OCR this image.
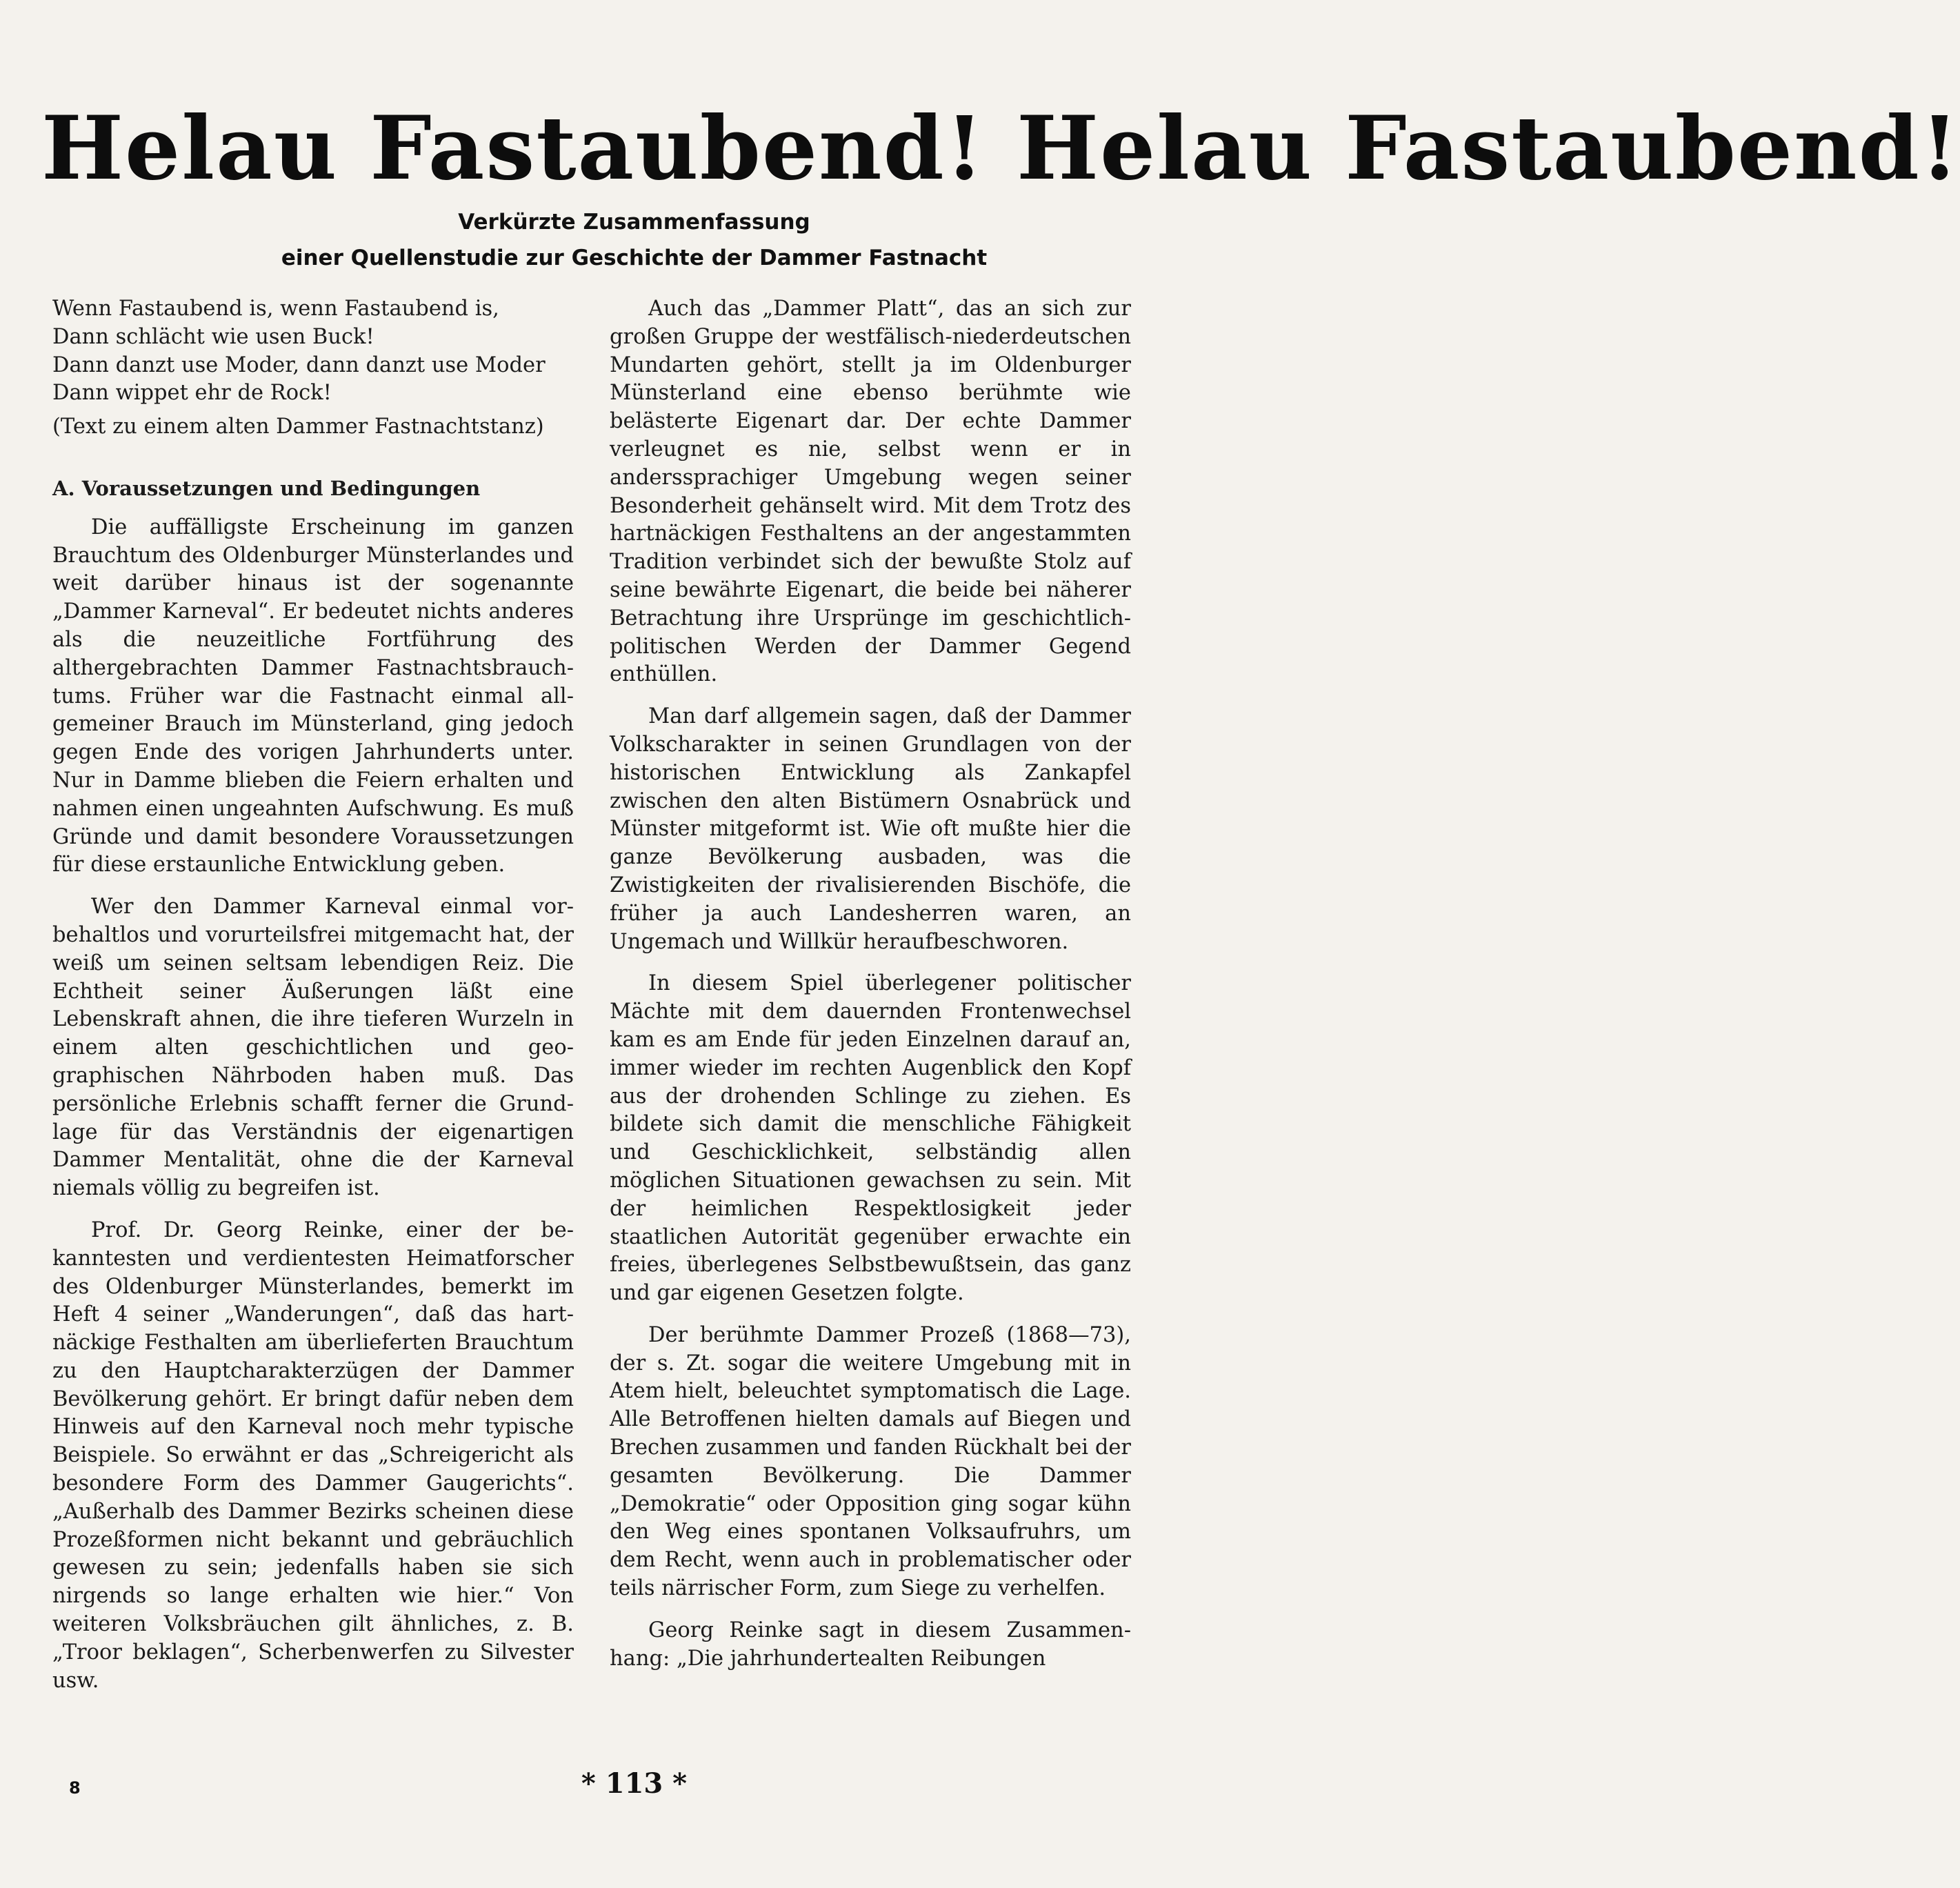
Helau Fastaubend! Helau Fastaubend!
Verkürzte Zusammenfassung
einer Quellenstudie zur Geschichte der Dammer Fastnacht
Wenn Fastaubend is, wenn Fastaubend is,
Dann schlächt wie usen Buck!
Dann danzt use Moder, dann danzt use Moder
Dann wippet ehr de Rock!
(Text zu einem alten Dammer Fastnachtstanz)
A. Voraussetzungen und Bedingungen

Die auffälligste Erscheinung im ganzen Brauchtum des Oldenburger Münsterlandes und weit darüber hinaus ist der sogenannte „Dammer Karneval“. Er bedeutet nichts anderes als die neuzeitliche Fortführung des althergebrachten Dammer Fastnachtsbrauchtums. Früher war die Fastnacht einmal allgemeiner Brauch im Münsterland, ging jedoch gegen Ende des vorigen Jahrhunderts unter. Nur in Damme blieben die Feiern erhalten und nahmen einen ungeahnten Aufschwung. Es muß Gründe und damit besondere Voraussetzungen für diese erstaunliche Entwicklung geben.

Wer den Dammer Karneval einmal vorbehaltlos und vorurteilsfrei mitgemacht hat, der weiß um seinen seltsam lebendigen Reiz. Die Echtheit seiner Äußerungen läßt eine Lebenskraft ahnen, die ihre tieferen Wurzeln in einem alten geschichtlichen und geographischen Nährboden haben muß. Das persönliche Erlebnis schafft ferner die Grundlage für das Verständnis der eigenartigen Dammer Mentalität, ohne die der Karneval niemals völlig zu begreifen ist.

Prof. Dr. Georg Reinke, einer der bekanntesten und verdientesten Heimatforscher des Oldenburger Münsterlandes, bemerkt im Heft 4 seiner „Wanderungen“, daß das hartnäckige Festhalten am überlieferten Brauchtum zu den Hauptcharakterzügen der Dammer Bevölkerung gehört. Er bringt dafür neben dem Hinweis auf den Karneval noch mehr typische Beispiele. So erwähnt er das „Schreigericht als besondere Form des Dammer Gaugerichts“. „Außerhalb des Dammer Bezirks scheinen diese Prozeßformen nicht bekannt und gebräuchlich gewesen zu sein; jedenfalls haben sie sich nirgends so lange erhalten wie hier.“ Von weiteren Volksbräuchen gilt ähnliches, z. B. „Troor beklagen“, Scherbenwerfen zu Silvester usw.

Auch das „Dammer Platt“, das an sich zur großen Gruppe der westfälisch-niederdeutschen Mundarten gehört, stellt ja im Oldenburger Münsterland eine ebenso berühmte wie belästerte Eigenart dar. Der echte Dammer verleugnet es nie, selbst wenn er in anderssprachiger Umgebung wegen seiner Besonderheit gehänselt wird. Mit dem Trotz des hartnäckigen Festhaltens an der angestammten Tradition verbindet sich der bewußte Stolz auf seine bewährte Eigenart, die beide bei näherer Betrachtung ihre Ursprünge im geschichtlich-politischen Werden der Dammer Gegend enthüllen.

Man darf allgemein sagen, daß der Dammer Volkscharakter in seinen Grundlagen von der historischen Entwicklung als Zankapfel zwischen den alten Bistümern Osnabrück und Münster mitgeformt ist. Wie oft mußte hier die ganze Bevölkerung ausbaden, was die Zwistigkeiten der rivalisierenden Bischöfe, die früher ja auch Landesherren waren, an Ungemach und Willkür heraufbeschworen.

In diesem Spiel überlegener politischer Mächte mit dem dauernden Frontenwechsel kam es am Ende für jeden Einzelnen darauf an, immer wieder im rechten Augenblick den Kopf aus der drohenden Schlinge zu ziehen. Es bildete sich damit die menschliche Fähigkeit und Geschicklichkeit, selbständig allen möglichen Situationen gewachsen zu sein. Mit der heimlichen Respektlosigkeit jeder staatlichen Autorität gegenüber erwachte ein freies, überlegenes Selbstbewußtsein, das ganz und gar eigenen Gesetzen folgte.

Der berühmte Dammer Prozeß (1868—73), der s. Zt. sogar die weitere Umgebung mit in Atem hielt, beleuchtet symptomatisch die Lage. Alle Betroffenen hielten damals auf Biegen und Brechen zusammen und fanden Rückhalt bei der gesamten Bevölkerung. Die Dammer „Demokratie“ oder Opposition ging sogar kühn den Weg eines spontanen Volksaufruhrs, um dem Recht, wenn auch in problematischer oder teils närrischer Form, zum Siege zu verhelfen.

Georg Reinke sagt in diesem Zusammenhang: „Die jahrhundertealten Reibungen

8	* 113 *
